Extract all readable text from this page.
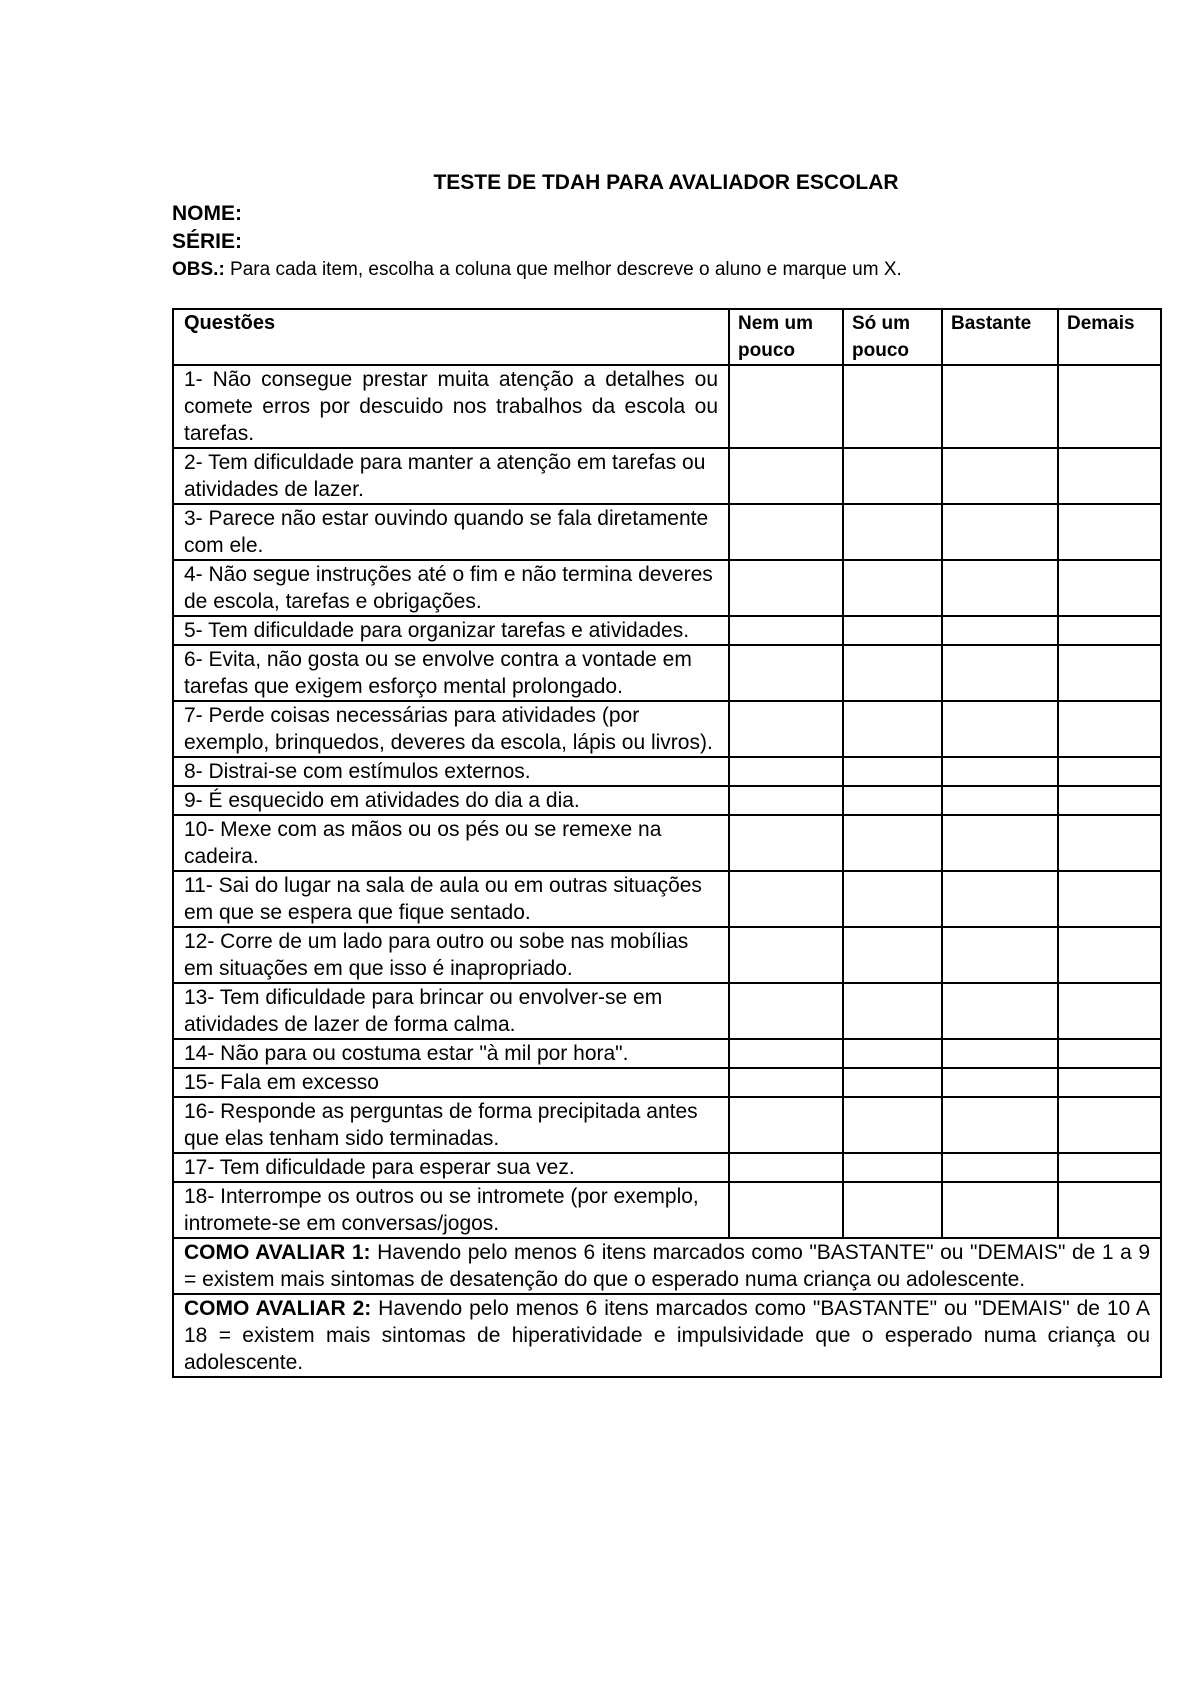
TESTE DE TDAH PARA AVALIADOR ESCOLAR
NOME:
SÉRIE:
OBS.: Para cada item, escolha a coluna que melhor descreve o aluno e marque um X.
Questões	Nem um pouco	Só um pouco	Bastante	Demais
1- Não consegue prestar muita atenção a detalhes ou comete erros por descuido nos trabalhos da escola ou tarefas.				
2- Tem dificuldade para manter a atenção em tarefas ou atividades de lazer.				
3- Parece não estar ouvindo quando se fala diretamente com ele.				
4- Não segue instruções até o fim e não termina deveres de escola, tarefas e obrigações.				
5- Tem dificuldade para organizar tarefas e atividades.				
6- Evita, não gosta ou se envolve contra a vontade em tarefas que exigem esforço mental prolongado.				
7- Perde coisas necessárias para atividades (por exemplo, brinquedos, deveres da escola, lápis ou livros).				
8- Distrai-se com estímulos externos.				
9- É esquecido em atividades do dia a dia.				
10- Mexe com as mãos ou os pés ou se remexe na cadeira.				
11- Sai do lugar na sala de aula ou em outras situações em que se espera que fique sentado.				
12- Corre de um lado para outro ou sobe nas mobílias em situações em que isso é inapropriado.				
13- Tem dificuldade para brincar ou envolver-se em atividades de lazer de forma calma.				
14- Não para ou costuma estar "à mil por hora".				
15- Fala em excesso				
16- Responde as perguntas de forma precipitada antes que elas tenham sido terminadas.				
17- Tem dificuldade para esperar sua vez.				
18- Interrompe os outros ou se intromete (por exemplo, intromete-se em conversas/jogos.				
COMO AVALIAR 1: Havendo pelo menos 6 itens marcados como "BASTANTE" ou "DEMAIS" de 1 a 9 = existem mais sintomas de desatenção do que o esperado numa criança ou adolescente.				
COMO AVALIAR 2: Havendo pelo menos 6 itens marcados como "BASTANTE" ou "DEMAIS" de 10 A 18 = existem mais sintomas de hiperatividade e impulsividade que o esperado numa criança ou adolescente.				
